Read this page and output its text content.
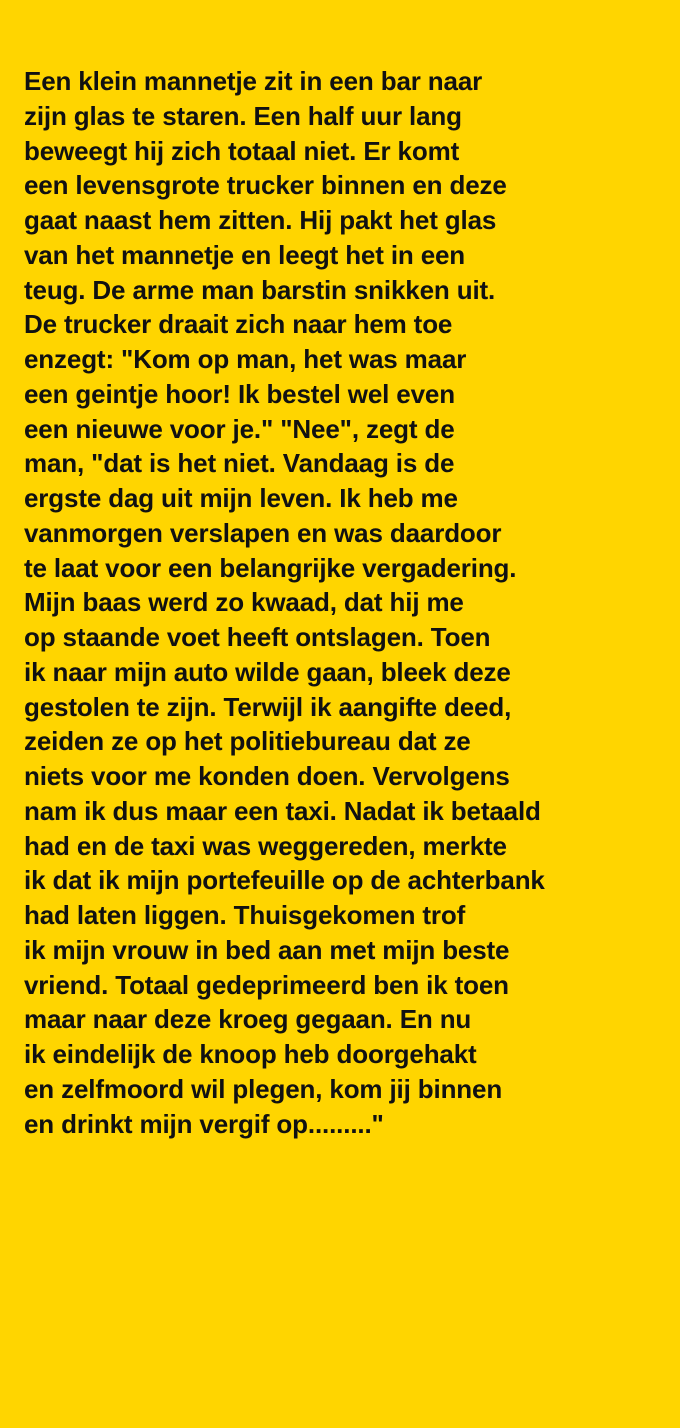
Een klein mannetje zit in een bar naar
zijn glas te staren. Een half uur lang
beweegt hij zich totaal niet. Er komt
een levensgrote trucker binnen en deze
gaat naast hem zitten. Hij pakt het glas
van het mannetje en leegt het in een
teug. De arme man barstin snikken uit.
De trucker draait zich naar hem toe
enzegt: "Kom op man, het was maar
een geintje hoor! Ik bestel wel even
een nieuwe voor je." "Nee", zegt de
man, "dat is het niet. Vandaag is de
ergste dag uit mijn leven. Ik heb me
vanmorgen verslapen en was daardoor
te laat voor een belangrijke vergadering.
Mijn baas werd zo kwaad, dat hij me
op staande voet heeft ontslagen. Toen
ik naar mijn auto wilde gaan, bleek deze
gestolen te zijn. Terwijl ik aangifte deed,
zeiden ze op het politiebureau dat ze
niets voor me konden doen. Vervolgens
nam ik dus maar een taxi. Nadat ik betaald
had en de taxi was weggereden, merkte
ik dat ik mijn portefeuille op de achterbank
had laten liggen. Thuisgekomen trof
ik mijn vrouw in bed aan met mijn beste
vriend. Totaal gedeprimeerd ben ik toen
maar naar deze kroeg gegaan. En nu
ik eindelijk de knoop heb doorgehakt
en zelfmoord wil plegen, kom jij binnen
en drinkt mijn vergif op........."
